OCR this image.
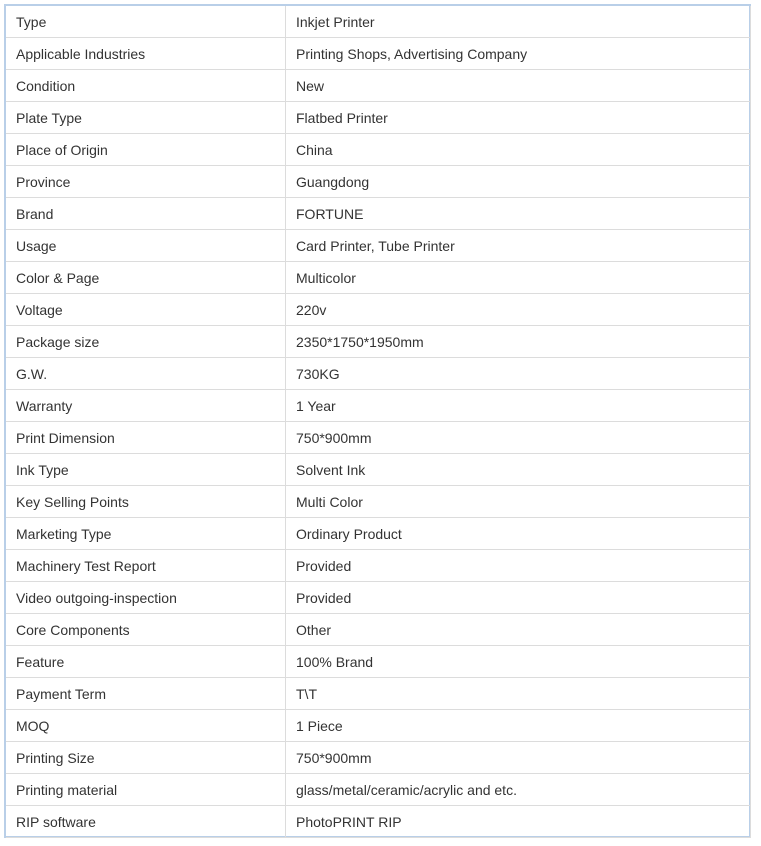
Type	Inkjet Printer
Applicable Industries	Printing Shops, Advertising Company
Condition	New
Plate Type	Flatbed Printer
Place of Origin	China
Province	Guangdong
Brand	FORTUNE
Usage	Card Printer, Tube Printer
Color & Page	Multicolor
Voltage	220v
Package size	2350*1750*1950mm
G.W.	730KG
Warranty	1 Year
Print Dimension	750*900mm
Ink Type	Solvent Ink
Key Selling Points	Multi Color
Marketing Type	Ordinary Product
Machinery Test Report	Provided
Video outgoing-inspection	Provided
Core Components	Other
Feature	100% Brand
Payment Term	T\T
MOQ	1 Piece
Printing Size	750*900mm
Printing material	glass/metal/ceramic/acrylic and etc.
RIP software	PhotoPRINT RIP
